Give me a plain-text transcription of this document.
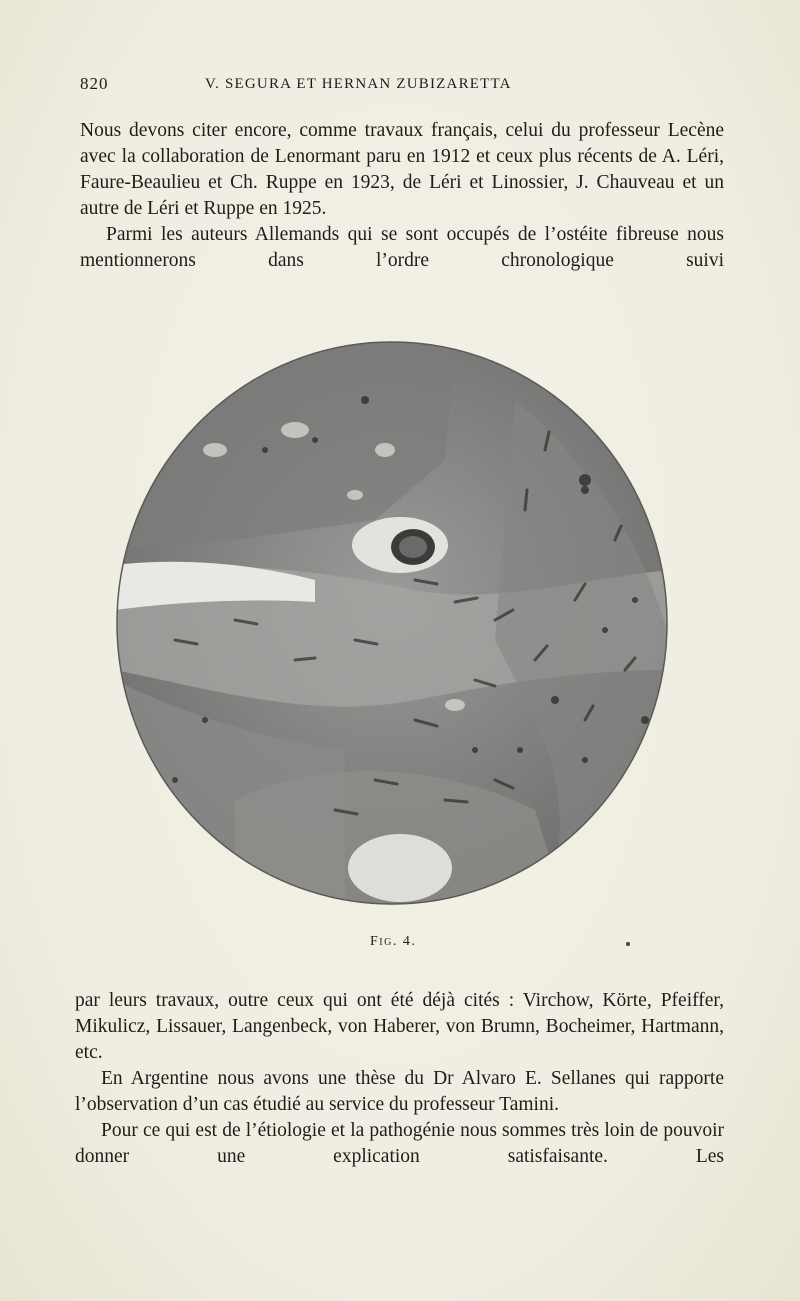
820	V. SEGURA ET HERNAN ZUBIZARETTA

Nous devons citer encore, comme travaux français, celui du professeur Lecène avec la collaboration de Lenormant paru en 1912 et ceux plus récents de A. Léri, Faure-Beaulieu et Ch. Ruppe en 1923, de Léri et Linossier, J. Chauveau et un autre de Léri et Ruppe en 1925.

Parmi les auteurs Allemands qui se sont occupés de l’ostéite fibreuse nous mentionnerons dans l’ordre chronologique suivi

Fig. 4.

par leurs travaux, outre ceux qui ont été déjà cités : Virchow, Körte, Pfeiffer, Mikulicz, Lissauer, Langenbeck, von Haberer, von Brumn, Bocheimer, Hartmann, etc.

En Argentine nous avons une thèse du Dr Alvaro E. Sellanes qui rapporte l’observation d’un cas étudié au service du professeur Tamini.

Pour ce qui est de l’étiologie et la pathogénie nous sommes très loin de pouvoir donner une explication satisfaisante. Les
